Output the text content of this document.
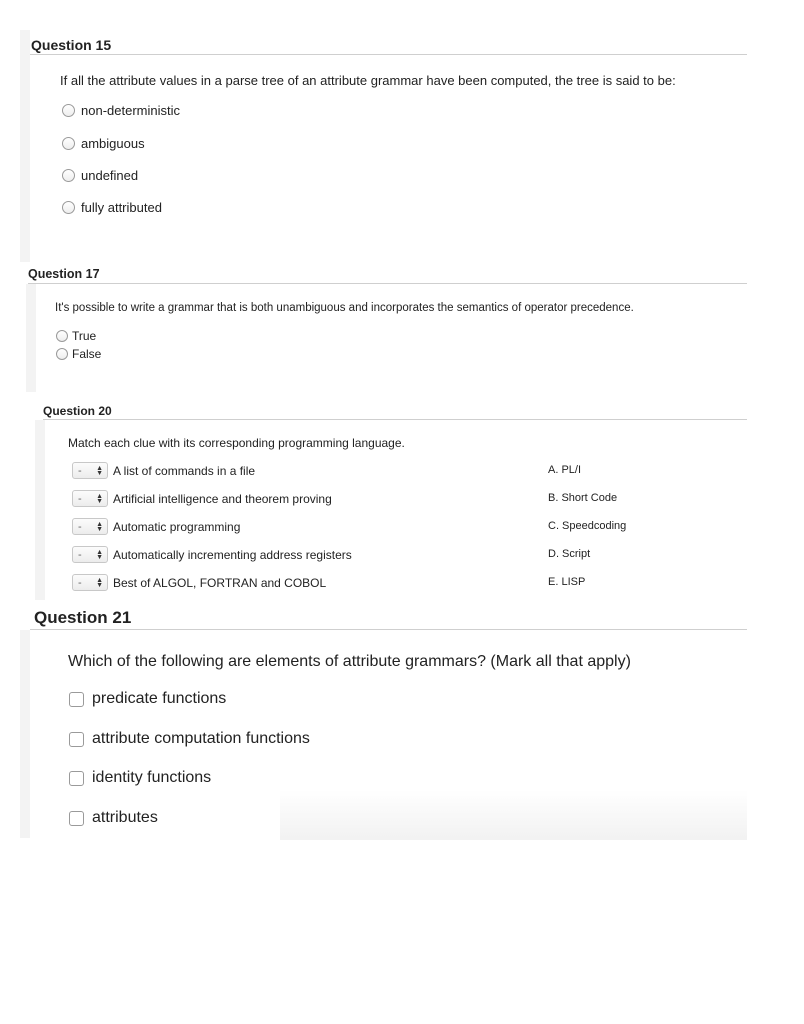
Question 15
If all the attribute values in a parse tree of an attribute grammar have been computed, the tree is said to be:
non-deterministic
ambiguous
undefined
fully attributed
Question 17
It's possible to write a grammar that is both unambiguous and incorporates the semantics of operator precedence.
True
False
Question 20
Match each clue with its corresponding programming language.
- ▲
▼ A list of commands in a file
- ▲
▼ Artificial intelligence and theorem proving
- ▲
▼ Automatic programming
- ▲
▼ Automatically incrementing address registers
- ▲
▼ Best of ALGOL, FORTRAN and COBOL
A. PL/I
B. Short Code
C. Speedcoding
D. Script
E. LISP
Question 21
Which of the following are elements of attribute grammars? (Mark all that apply)
predicate functions
attribute computation functions
identity functions
attributes
